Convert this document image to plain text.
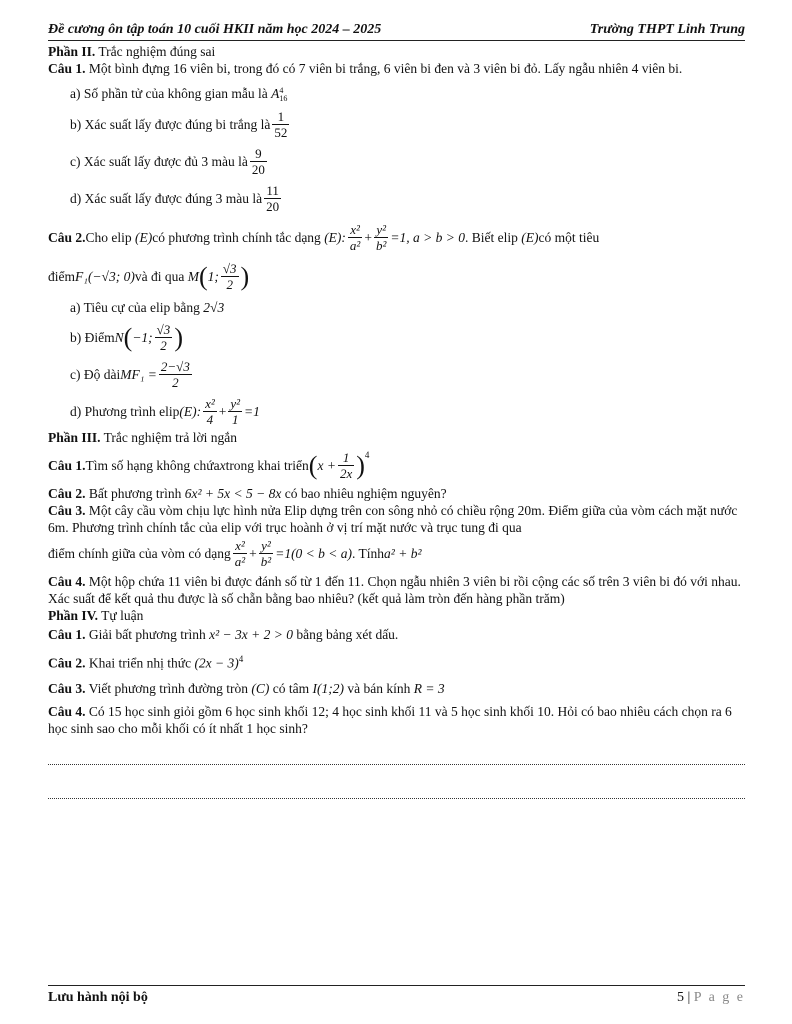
Đề cương ôn tập toán 10 cuối HKII năm học 2024 – 2025	Trường THPT Linh Trung
Phần II. Trắc nghiệm đúng sai
Câu 1. Một bình đựng 16 viên bi, trong đó có 7 viên bi trắng, 6 viên bi đen và 3 viên bi đỏ. Lấy ngẫu nhiên 4 viên bi.
a) Số phần tử của không gian mẫu là A 4
16
b) Xác suất lấy được đúng bi trắng là $\frac{1}{52}$
c) Xác suất lấy được đủ 3 màu là $\frac{9}{20}$
d) Xác suất lấy được đúng 3 màu là $\frac{11}{20}$
Câu 2. Cho elip
(E) có phương trình chính tắc dạng
(E): $\frac{\text{x²}}{\text{a²}} + \frac{\text{y²}}{\text{b²}} =1$, a > b > 0 . Biết elip
(E) có một tiêu
điểm F₁(−√3; 0) và đi qua
M ( 1; $\frac{√3}{2}$ )
a) Tiêu cự của elip bằng 2√3
b) Điểm N ( −1; $\frac{√3}{2}$ )
c) Độ dài $MF_1 = \frac{2-√3}{2}$
d) Phương trình elip (E): $\frac{\text{x²}}{4} + \frac{\text{y²}}{1} =1$
Phần III. Trắc nghiệm trả lời ngắn
Câu 1. Tìm số hạng không chứa x trong khai triển ( $x + \frac{1}{2x} )^4$
Câu 2. Bất phương trình 6x² + 5x < 5 − 8x có bao nhiêu nghiệm nguyên?
Câu 3. Một cây cầu vòm chịu lực hình nửa Elip dựng trên con sông nhỏ có chiều rộng 20m. Điểm giữa của vòm cách mặt nước 6m. Phương trình chính tắc của elip với trục hoành ở vị trí mặt nước và trục tung đi qua
điểm chính giữa của vòm có dạng $\frac{\text{x²}}{\text{a²}} + \frac{\text{y²}}{\text{b²}} =1(0 < b < a)$ . Tính a² + b²
Câu 4. Một hộp chứa 11 viên bi được đánh số từ 1 đến 11. Chọn ngẫu nhiên 3 viên bi rồi cộng các số trên 3 viên bi đó với nhau. Xác suất để kết quả thu được là số chẵn bằng bao nhiêu? (kết quả làm tròn đến hàng phần trăm)
Phần IV. Tự luận
Câu 1. Giải bất phương trình x² − 3x + 2 > 0 bằng bảng xét dấu.
Câu 2. Khai triển nhị thức $(2x - 3)^4$
Câu 3. Viết phương trình đường tròn (C) có tâm I(1;2) và bán kính R = 3
Câu 4. Có 15 học sinh giỏi gồm 6 học sinh khối 12; 4 học sinh khối 11 và 5 học sinh khối 10. Hỏi có bao nhiêu cách chọn ra 6 học sinh sao cho mỗi khối có ít nhất 1 học sinh?
Lưu hành nội bộ	5 | P a g e
